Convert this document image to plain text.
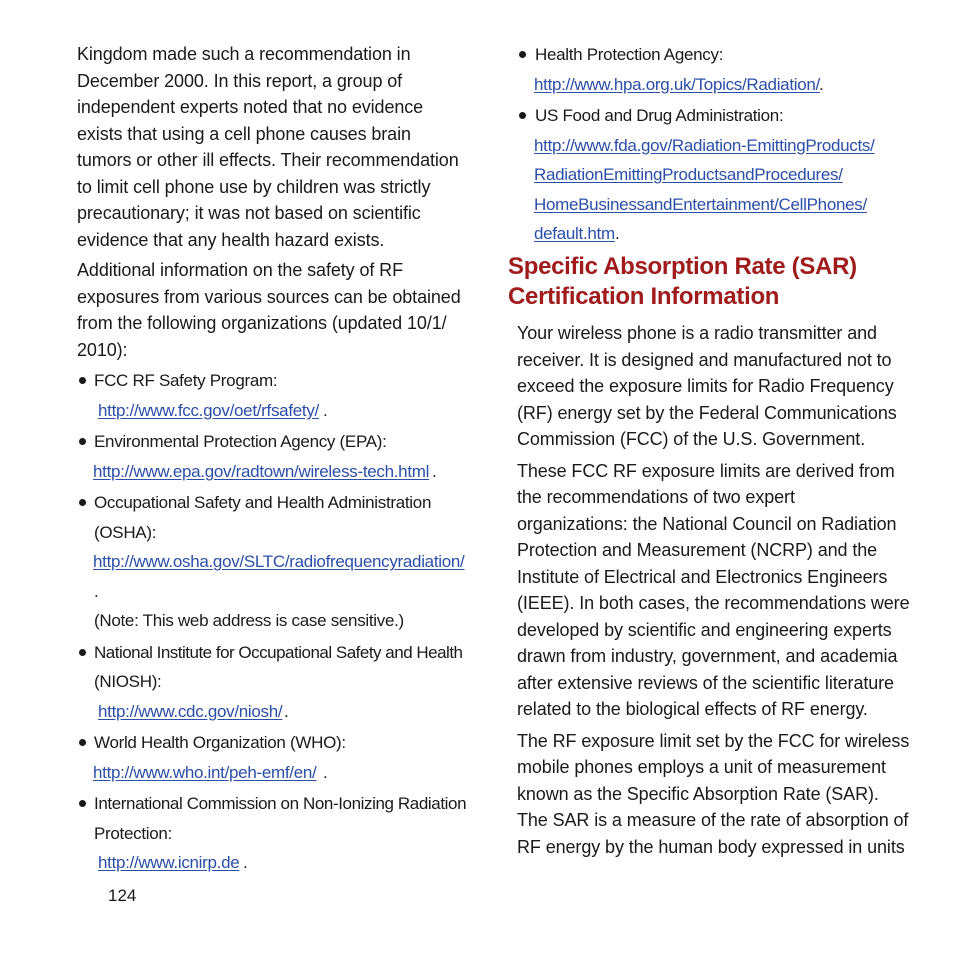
Kingdom made such a recommendation in
December 2000. In this report, a group of
independent experts noted that no evidence
exists that using a cell phone causes brain
tumors or other ill effects. Their recommendation
to limit cell phone use by children was strictly
precautionary; it was not based on scientific
evidence that any health hazard exists.

Additional information on the safety of RF
exposures from various sources can be obtained
from the following organizations (updated 10/1/
2010):

FCC RF Safety Program:
http://www.fcc.gov/oet/rfsafety/ .
Environmental Protection Agency (EPA):
http://www.epa.gov/radtown/wireless-tech.html .
Occupational Safety and Health Administration
(OSHA):
http://www.osha.gov/SLTC/radiofrequencyradiation/
.
(Note: This web address is case sensitive.)
National Institute for Occupational Safety and Health
(NIOSH):
http://www.cdc.gov/niosh/ .
World Health Organization (WHO):
http://www.who.int/peh-emf/en/ .
International Commission on Non-Ionizing Radiation
Protection:
http://www.icnirp.de .
124
Health Protection Agency:
http://www.hpa.org.uk/Topics/Radiation/ .
US Food and Drug Administration:
http://www.fda.gov/Radiation-EmittingProducts/
RadiationEmittingProductsandProcedures/
HomeBusinessandEntertainment/CellPhones/
default.htm .
Specific Absorption Rate (SAR)
Certification Information

Your wireless phone is a radio transmitter and
receiver. It is designed and manufactured not to
exceed the exposure limits for Radio Frequency
(RF) energy set by the Federal Communications
Commission (FCC) of the U.S. Government.

These FCC RF exposure limits are derived from
the recommendations of two expert
organizations: the National Council on Radiation
Protection and Measurement (NCRP) and the
Institute of Electrical and Electronics Engineers
(IEEE). In both cases, the recommendations were
developed by scientific and engineering experts
drawn from industry, government, and academia
after extensive reviews of the scientific literature
related to the biological effects of RF energy.

The RF exposure limit set by the FCC for wireless
mobile phones employs a unit of measurement
known as the Specific Absorption Rate (SAR).
The SAR is a measure of the rate of absorption of
RF energy by the human body expressed in units
